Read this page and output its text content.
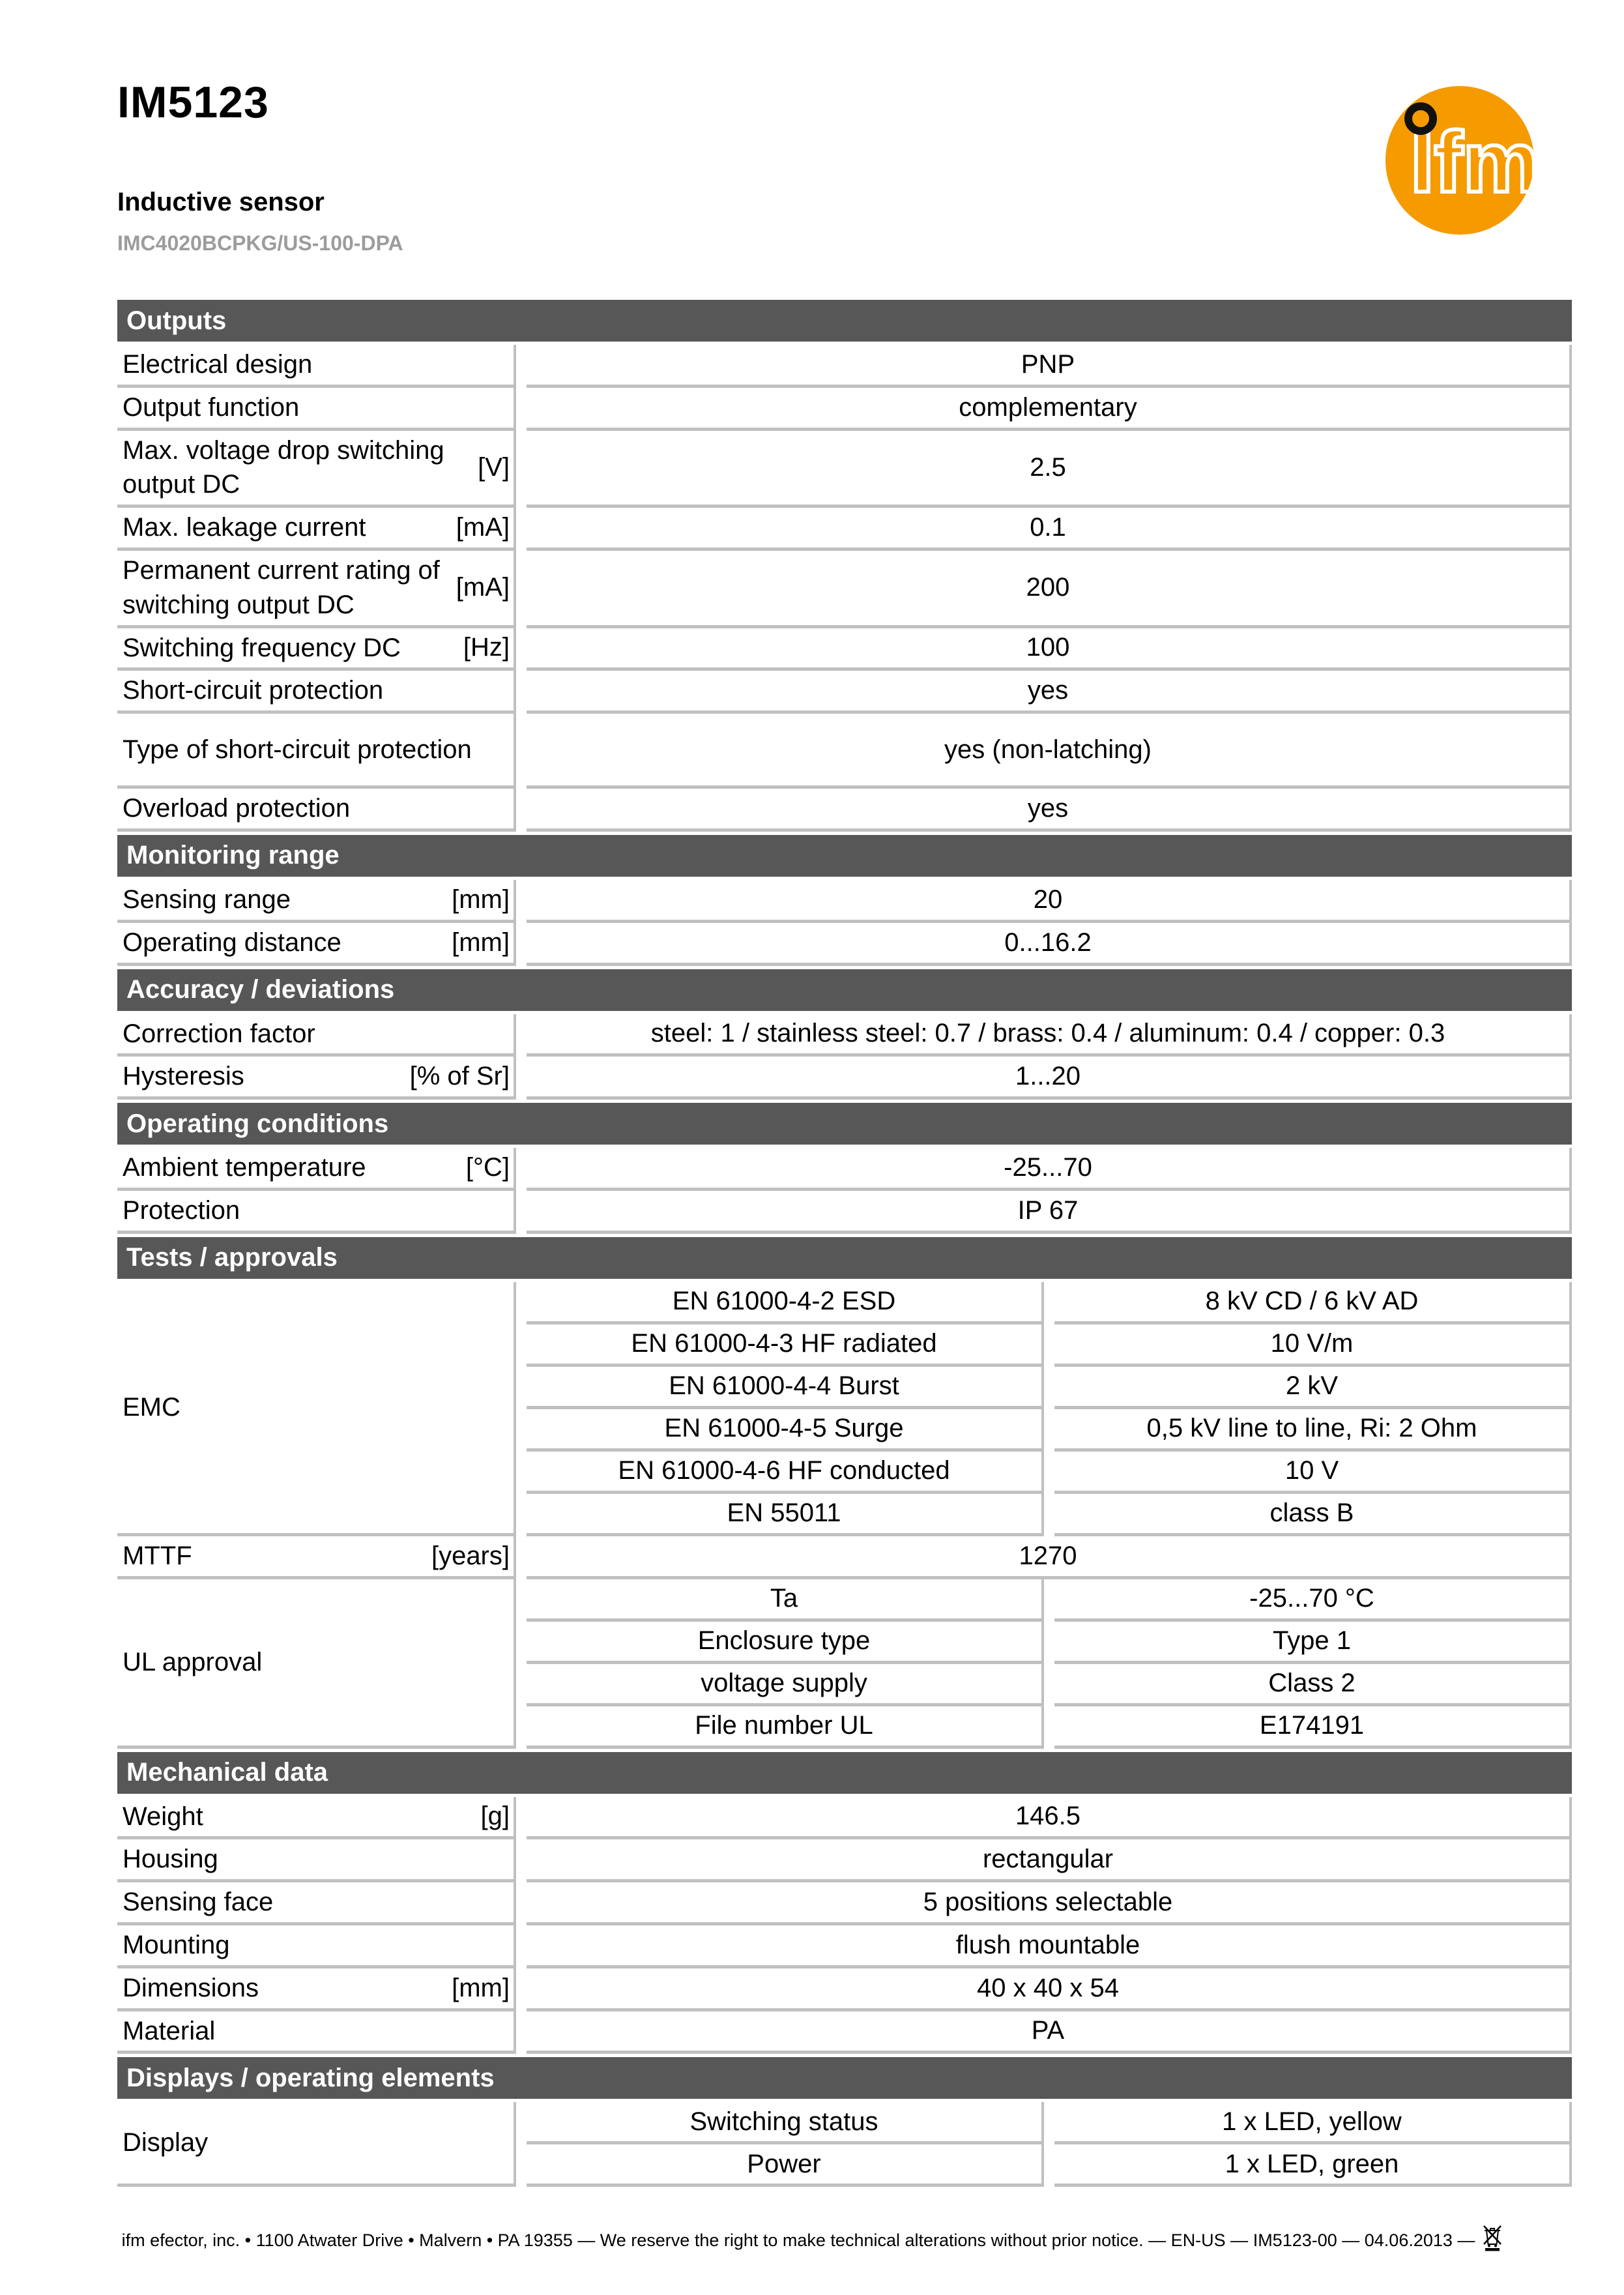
IM5123
Inductive sensor
IMC4020BCPKG/US-100-DPA
Ifm
Outputs
Electrical design	PNP
Output function	complementary
Max. voltage drop switching output DC
[V]	2.5
Max. leakage current	[mA]	0.1
Permanent current rating of switching output DC
[mA]	200
Switching frequency DC	[Hz]	100
Short-circuit protection	yes
Type of short-circuit protection	yes (non-latching)
Overload protection	yes
Monitoring range
Sensing range	[mm]	20
Operating distance	[mm]	0...16.2
Accuracy / deviations
Correction factor	steel: 1 / stainless steel: 0.7 / brass: 0.4 / aluminum: 0.4 / copper: 0.3
Hysteresis	[% of Sr]	1...20
Operating conditions
Ambient temperature	[°C]	-25...70
Protection	IP 67
Tests / approvals
EMC
EN 61000-4-2 ESD	8 kV CD / 6 kV AD
EN 61000-4-3 HF radiated	10 V/m
EN 61000-4-4 Burst	2 kV
EN 61000-4-5 Surge	0,5 kV line to line, Ri: 2 Ohm
EN 61000-4-6 HF conducted	10 V
EN 55011	class B
MTTF	[years]	1270
UL approval
Ta	-25...70 °C
Enclosure type	Type 1
voltage supply	Class 2
File number UL	E174191
Mechanical data
Weight	[g]	146.5
Housing	rectangular
Sensing face	5 positions selectable
Mounting	flush mountable
Dimensions	[mm]	40 x 40 x 54
Material	PA
Displays / operating elements
Display
Switching status	1 x LED, yellow
Power	1 x LED, green
ifm efector, inc. • 1100 Atwater Drive • Malvern • PA 19355 — We reserve the right to make technical alterations without prior notice. — EN-US — IM5123-00 — 04.06.2013 —
